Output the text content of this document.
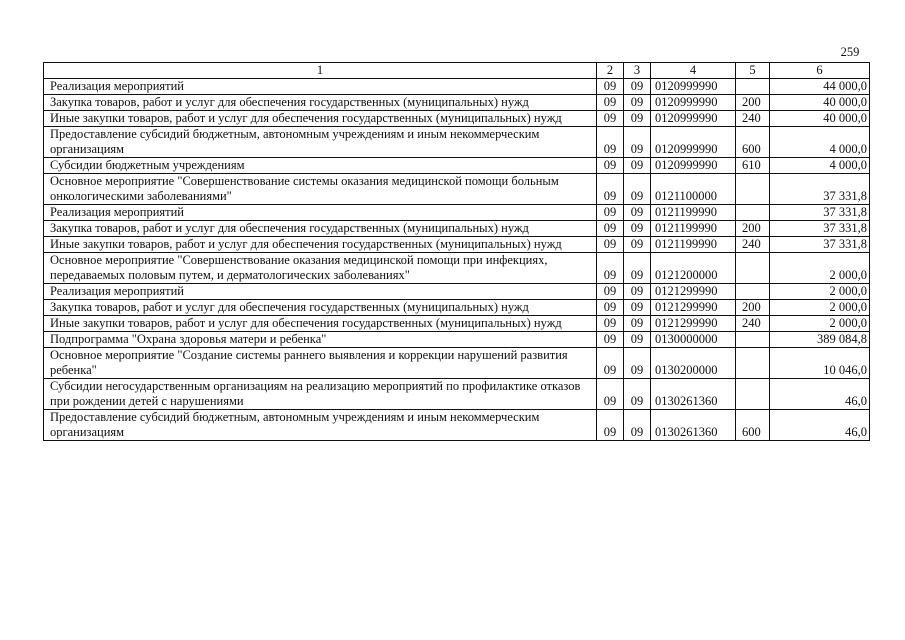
259
1	2	3	4	5	6
Реализация мероприятий	09	09	0120999990		44 000,0
Закупка товаров, работ и услуг для обеспечения государственных (муниципальных) нужд	09	09	0120999990	200	40 000,0
Иные закупки товаров, работ и услуг для обеспечения государственных (муниципальных) нужд	09	09	0120999990	240	40 000,0
Предоставление субсидий бюджетным, автономным учреждениям и иным некоммерческим организациям	09	09	0120999990	600	4 000,0
Субсидии бюджетным учреждениям	09	09	0120999990	610	4 000,0
Основное мероприятие "Совершенствование системы оказания медицинской помощи больным онкологическими заболеваниями"	09	09	0121100000		37 331,8
Реализация мероприятий	09	09	0121199990		37 331,8
Закупка товаров, работ и услуг для обеспечения государственных (муниципальных) нужд	09	09	0121199990	200	37 331,8
Иные закупки товаров, работ и услуг для обеспечения государственных (муниципальных) нужд	09	09	0121199990	240	37 331,8
Основное мероприятие "Совершенствование оказания медицинской помощи при инфекциях, передаваемых половым путем, и дерматологических заболеваниях"	09	09	0121200000		2 000,0
Реализация мероприятий	09	09	0121299990		2 000,0
Закупка товаров, работ и услуг для обеспечения государственных (муниципальных) нужд	09	09	0121299990	200	2 000,0
Иные закупки товаров, работ и услуг для обеспечения государственных (муниципальных) нужд	09	09	0121299990	240	2 000,0
Подпрограмма "Охрана здоровья матери и ребенка"	09	09	0130000000		389 084,8
Основное мероприятие "Создание системы раннего выявления и коррекции нарушений развития ребенка"	09	09	0130200000		10 046,0
Субсидии негосударственным организациям на реализацию мероприятий по профилактике отказов при рождении детей с нарушениями	09	09	0130261360		46,0
Предоставление субсидий бюджетным, автономным учреждениям и иным некоммерческим организациям	09	09	0130261360	600	46,0
